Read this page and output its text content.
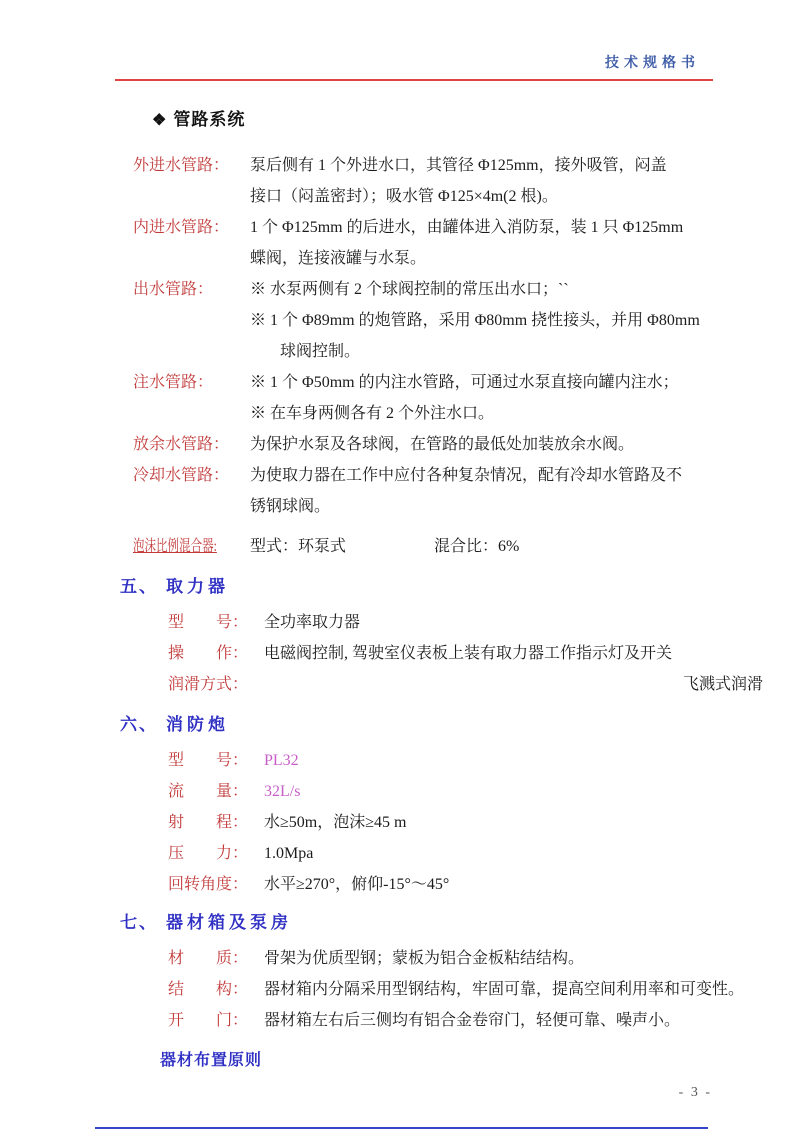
技术规格书
❖ 管路系统
外进水管路：	泵后侧有 1 个外进水口，其管径 Φ125mm，接外吸管，闷盖
接口（闷盖密封）；吸水管 Φ125×4m(2 根)。
内进水管路：	1 个 Φ125mm 的后进水，由罐体进入消防泵，装 1 只 Φ125mm
蝶阀，连接液罐与水泵。
出水管路：	※ 水泵两侧有 2 个球阀控制的常压出水口；``
※ 1 个 Φ89mm 的炮管路，采用 Φ80mm 挠性接头，并用 Φ80mm
球阀控制。
注水管路：	※ 1 个 Φ50mm 的内注水管路，可通过水泵直接向罐内注水；
※ 在车身两侧各有 2 个外注水口。
放余水管路：	为保护水泵及各球阀，在管路的最低处加装放余水阀。
冷却水管路：	为使取力器在工作中应付各种复杂情况，配有冷却水管路及不
锈钢球阀。
泡沫比例混合器:	型式：环泵式	混合比：6%
五、 取力器
型　　号： 全功率取力器
操　　作： 电磁阀控制, 驾驶室仪表板上装有取力器工作指示灯及开关
润滑方式：	飞溅式润滑
六、 消防炮
型　　号： PL32
流　　量： 32L/s
射　　程： 水≥50m，泡沫≥45 m
压　　力： 1.0Mpa
回转角度： 水平≥270°，俯仰-15°～45°
七、 器材箱及泵房
材　　质： 骨架为优质型钢；蒙板为铝合金板粘结结构。
结　　构： 器材箱内分隔采用型钢结构，牢固可靠，提高空间利用率和可变性。
开　　门： 器材箱左右后三侧均有铝合金卷帘门，轻便可靠、噪声小。
器材布置原则
- 3 -
